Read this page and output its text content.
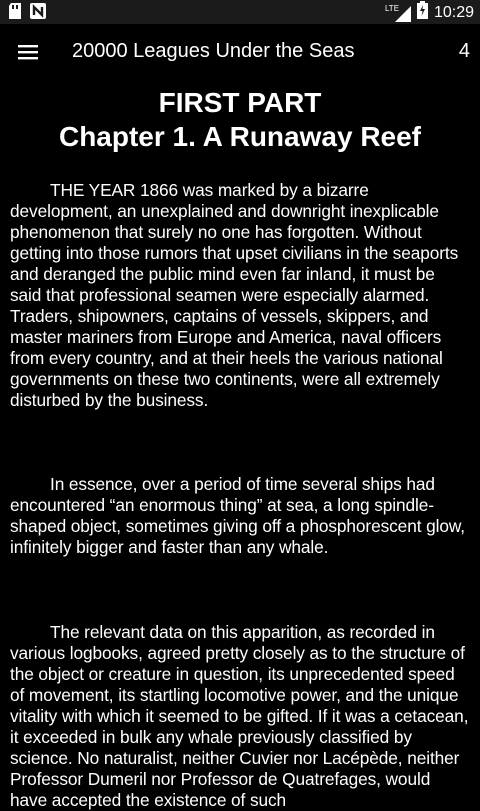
LTE 10:29
20000 Leagues Under the Seas	4
FIRST PART
Chapter 1. A Runaway Reef

THE YEAR 1866 was marked by a bizarre development, an unexplained and downright inexplicable phenomenon that surely no one has forgotten. Without getting into those rumors that upset civilians in the seaports and deranged the public mind even far inland, it must be said that professional seamen were especially alarmed. Traders, shipowners, captains of vessels, skippers, and master mariners from Europe and America, naval officers from every country, and at their heels the various national governments on these two continents, were all extremely disturbed by the business.

In essence, over a period of time several ships had encountered “an enormous thing” at sea, a long spindle-shaped object, sometimes giving off a phosphorescent glow, infinitely bigger and faster than any whale.

The relevant data on this apparition, as recorded in various logbooks, agreed pretty closely as to the structure of the object or creature in question, its unprecedented speed of movement, its startling locomotive power, and the unique vitality with which it seemed to be gifted. If it was a cetacean, it exceeded in bulk any whale previously classified by science. No naturalist, neither Cuvier nor Lacépède, neither Professor Dumeril nor Professor de Quatrefages, would have accepted the existence of such
